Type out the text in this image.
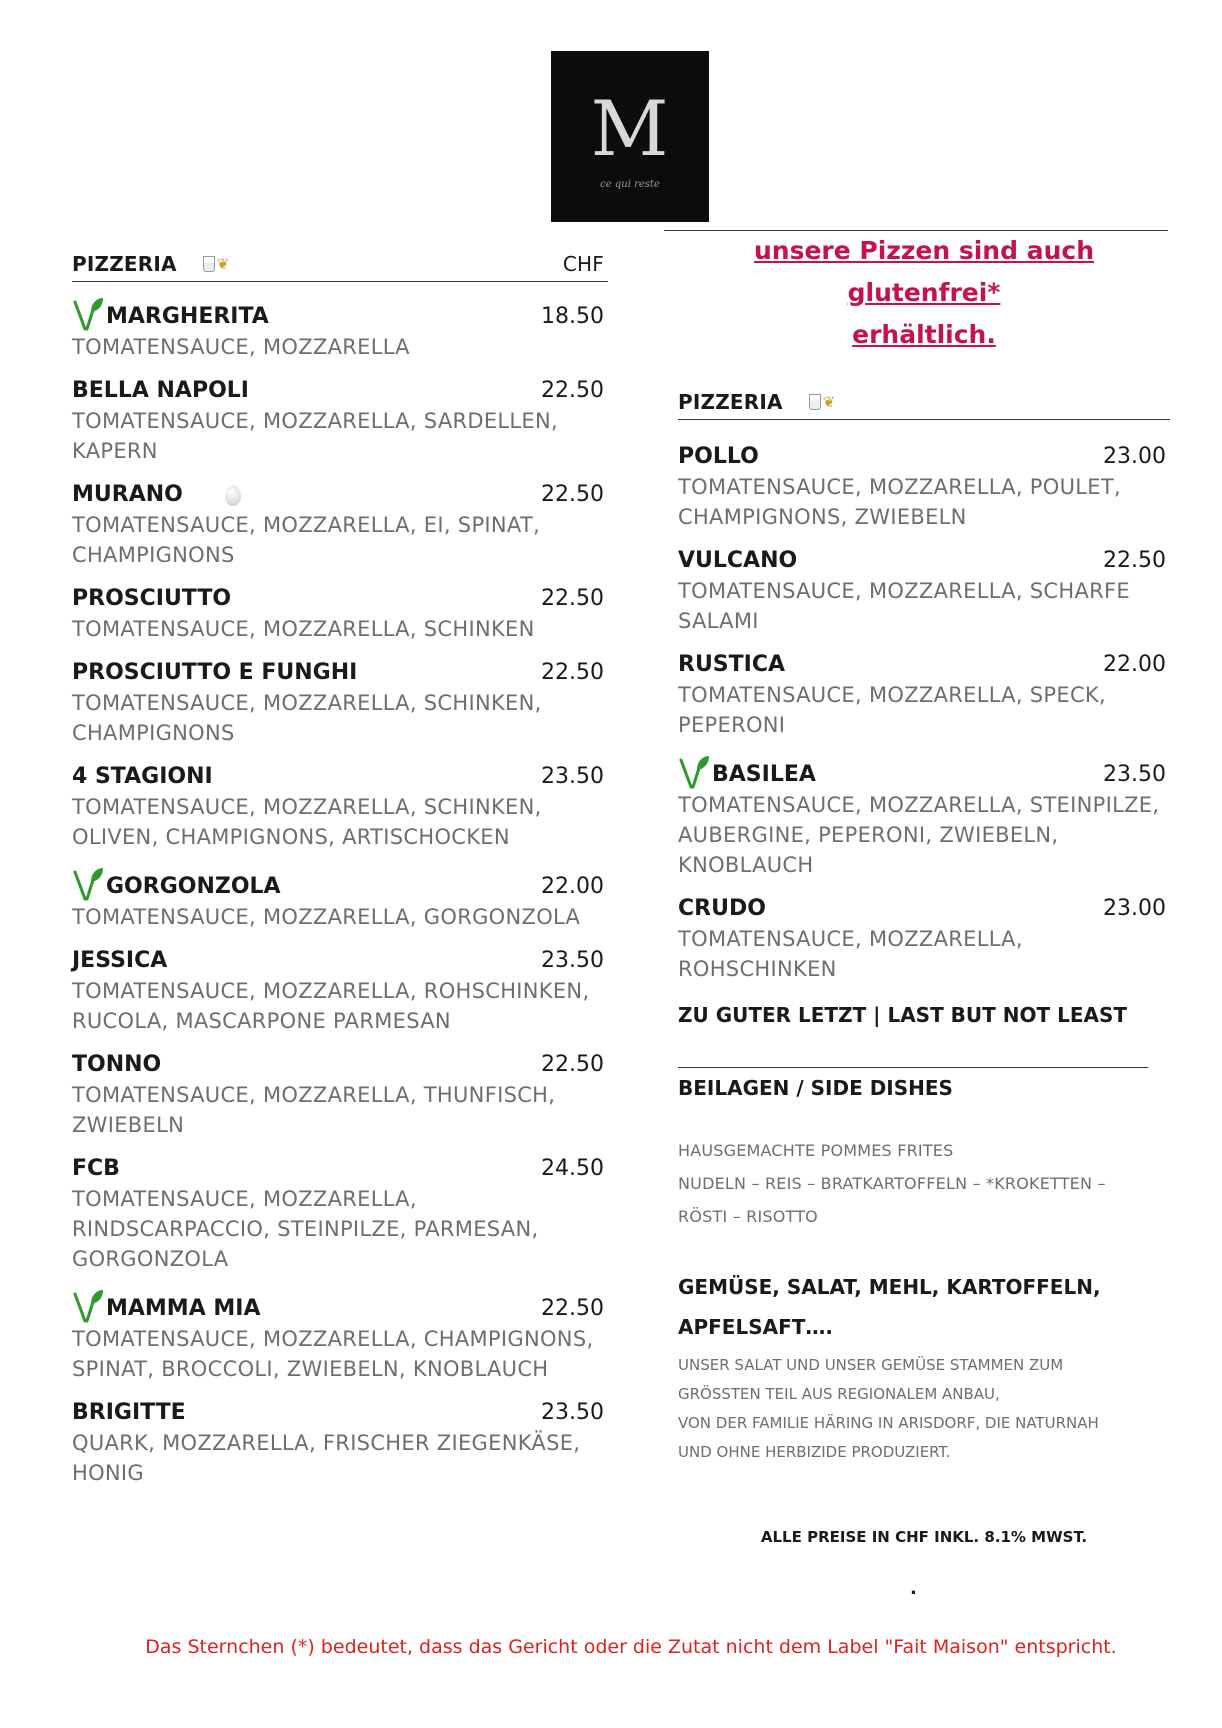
M
ce qui reste
PIZZERIA	❦	CHF
MARGHERITA	18.50
TOMATENSAUCE, MOZZARELLA
BELLA NAPOLI	22.50
TOMATENSAUCE, MOZZARELLA, SARDELLEN, KAPERN
MURANO	22.50
TOMATENSAUCE, MOZZARELLA, EI, SPINAT, CHAMPIGNONS
PROSCIUTTO	22.50
TOMATENSAUCE, MOZZARELLA, SCHINKEN
PROSCIUTTO E FUNGHI	22.50
TOMATENSAUCE, MOZZARELLA, SCHINKEN, CHAMPIGNONS
4 STAGIONI	23.50
TOMATENSAUCE, MOZZARELLA, SCHINKEN, OLIVEN, CHAMPIGNONS, ARTISCHOCKEN
GORGONZOLA	22.00
TOMATENSAUCE, MOZZARELLA, GORGONZOLA
JESSICA	23.50
TOMATENSAUCE, MOZZARELLA, ROHSCHINKEN, RUCOLA, MASCARPONE PARMESAN
TONNO	22.50
TOMATENSAUCE, MOZZARELLA, THUNFISCH, ZWIEBELN
FCB	24.50
TOMATENSAUCE, MOZZARELLA, RINDSCARPACCIO, STEINPILZE, PARMESAN, GORGONZOLA
MAMMA MIA	22.50
TOMATENSAUCE, MOZZARELLA, CHAMPIGNONS, SPINAT, BROCCOLI, ZWIEBELN, KNOBLAUCH
BRIGITTE	23.50
QUARK, MOZZARELLA, FRISCHER ZIEGENKÄSE, HONIG
unsere Pizzen sind auch glutenfrei*
erhältlich.
PIZZERIA	❦
POLLO	23.00
TOMATENSAUCE, MOZZARELLA, POULET, CHAMPIGNONS, ZWIEBELN
VULCANO	22.50
TOMATENSAUCE, MOZZARELLA, SCHARFE SALAMI
RUSTICA	22.00
TOMATENSAUCE, MOZZARELLA, SPECK, PEPERONI
BASILEA	23.50
TOMATENSAUCE, MOZZARELLA, STEINPILZE, AUBERGINE, PEPERONI, ZWIEBELN, KNOBLAUCH
CRUDO	23.00
TOMATENSAUCE, MOZZARELLA, ROHSCHINKEN
ZU GUTER LETZT | LAST BUT NOT LEAST
BEILAGEN / SIDE DISHES
HAUSGEMACHTE POMMES FRITES
NUDELN – REIS – BRATKARTOFFELN – *KROKETTEN –
RÖSTI – RISOTTO
GEMÜSE, SALAT, MEHL, KARTOFFELN,
APFELSAFT….
UNSER SALAT UND UNSER GEMÜSE STAMMEN ZUM
GRÖSSTEN TEIL AUS REGIONALEM ANBAU,
VON DER FAMILIE HÄRING IN ARISDORF, DIE NATURNAH
UND OHNE HERBIZIDE PRODUZIERT.
ALLE PREISE IN CHF INKL. 8.1% MWST.
.
Das Sternchen (*) bedeutet, dass das Gericht oder die Zutat nicht dem Label "Fait Maison" entspricht.
